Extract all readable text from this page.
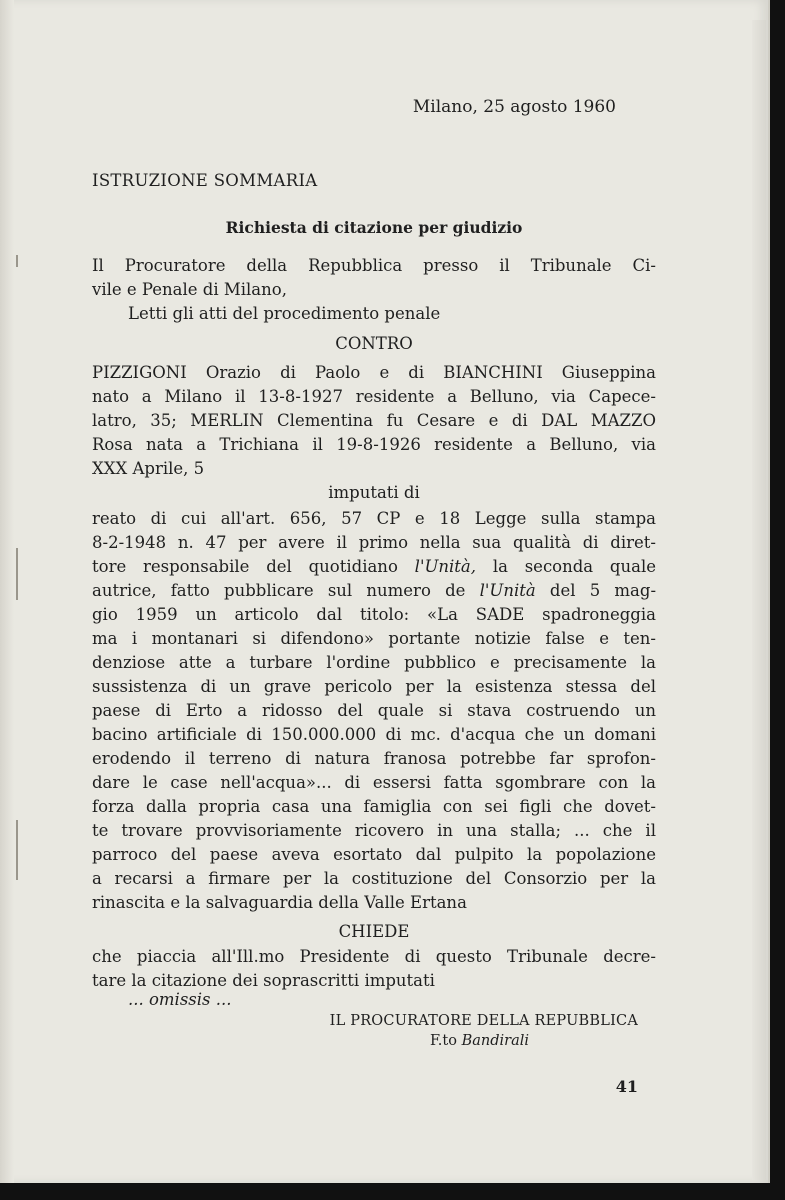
Milano, 25 agosto 1960
ISTRUZIONE SOMMARIA
Richiesta di citazione per giudizio
Il Procuratore della Repubblica presso il Tribunale Ci-
vile e Penale di Milano,
Letti gli atti del procedimento penale
CONTRO
PIZZIGONI Orazio di Paolo e di BIANCHINI Giuseppina
nato a Milano il 13-8-1927 residente a Belluno, via Capece-
latro, 35; MERLIN Clementina fu Cesare e di DAL MAZZO
Rosa nata a Trichiana il 19-8-1926 residente a Belluno, via
XXX Aprile, 5
imputati di
reato di cui all'art. 656, 57 CP e 18 Legge sulla stampa
8-2-1948 n. 47 per avere il primo nella sua qualità di diret-
tore responsabile del quotidiano l'Unità, la seconda quale
autrice, fatto pubblicare sul numero de l'Unità del 5 mag-
gio 1959 un articolo dal titolo: «La SADE spadroneggia
ma i montanari si difendono» portante notizie false e ten-
denziose atte a turbare l'ordine pubblico e precisamente la
sussistenza di un grave pericolo per la esistenza stessa del
paese di Erto a ridosso del quale si stava costruendo un
bacino artificiale di 150.000.000 di mc. d'acqua che un domani
erodendo il terreno di natura franosa potrebbe far sprofon-
dare le case nell'acqua»... di essersi fatta sgombrare con la
forza dalla propria casa una famiglia con sei figli che dovet-
te trovare provvisoriamente ricovero in una stalla; ... che il
parroco del paese aveva esortato dal pulpito la popolazione
a recarsi a firmare per la costituzione del Consorzio per la
rinascita e la salvaguardia della Valle Ertana
CHIEDE
che piaccia all'Ill.mo Presidente di questo Tribunale decre-
tare la citazione dei soprascritti imputati
... omissis ...
IL PROCURATORE DELLA REPUBBLICA
F.to Bandirali
41
